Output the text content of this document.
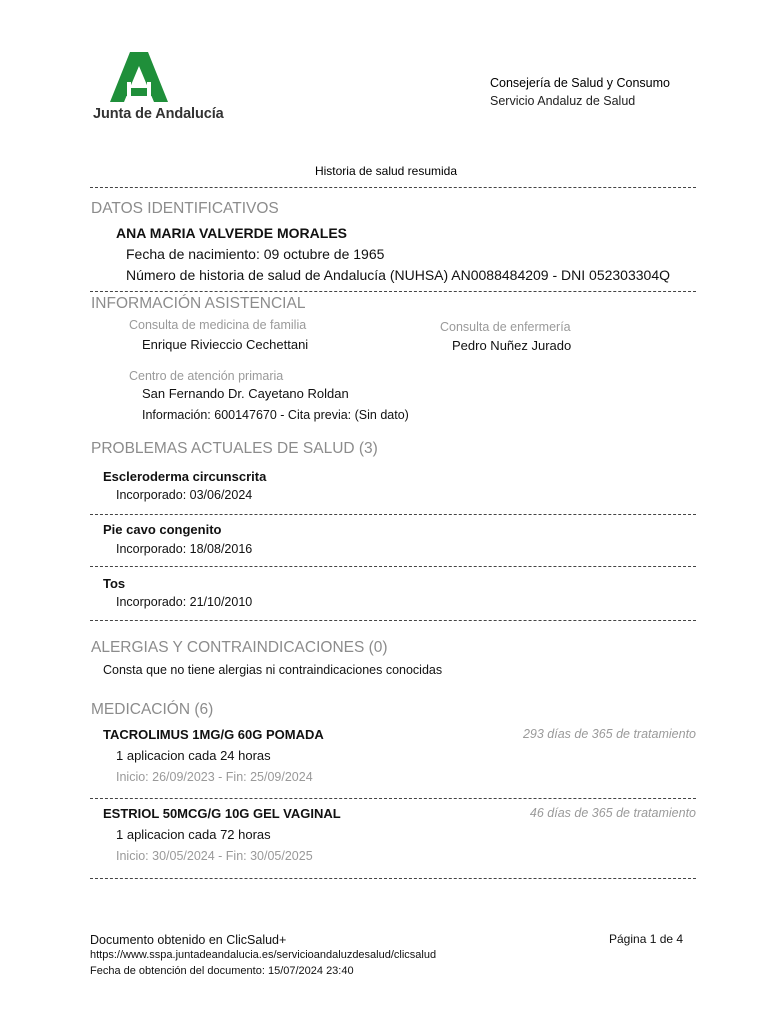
Junta de Andalucía
Consejería de Salud y Consumo
Servicio Andaluz de Salud
Historia de salud resumida
DATOS IDENTIFICATIVOS
ANA MARIA VALVERDE MORALES
Fecha de nacimiento: 09 octubre de 1965
Número de historia de salud de Andalucía (NUHSA) AN0088484209 - DNI 052303304Q
INFORMACIÓN ASISTENCIAL
Consulta de medicina de familia
Enrique Rivieccio Cechettani
Consulta de enfermería
Pedro Nuñez Jurado
Centro de atención primaria
San Fernando Dr. Cayetano Roldan
Información: 600147670 - Cita previa: (Sin dato)
PROBLEMAS ACTUALES DE SALUD (3)
Escleroderma circunscrita
Incorporado: 03/06/2024
Pie cavo congenito
Incorporado: 18/08/2016
Tos
Incorporado: 21/10/2010
ALERGIAS Y CONTRAINDICACIONES (0)
Consta que no tiene alergias ni contraindicaciones conocidas
MEDICACIÓN (6)
TACROLIMUS 1MG/G 60G POMADA	293 días de 365 de tratamiento
1 aplicacion cada 24 horas
Inicio: 26/09/2023 - Fin: 25/09/2024
ESTRIOL 50MCG/G 10G GEL VAGINAL	46 días de 365 de tratamiento
1 aplicacion cada 72 horas
Inicio: 30/05/2024 - Fin: 30/05/2025
Documento obtenido en ClicSalud+
https://www.sspa.juntadeandalucia.es/servicioandaluzdesalud/clicsalud
Fecha de obtención del documento: 15/07/2024 23:40
Página 1 de 4
